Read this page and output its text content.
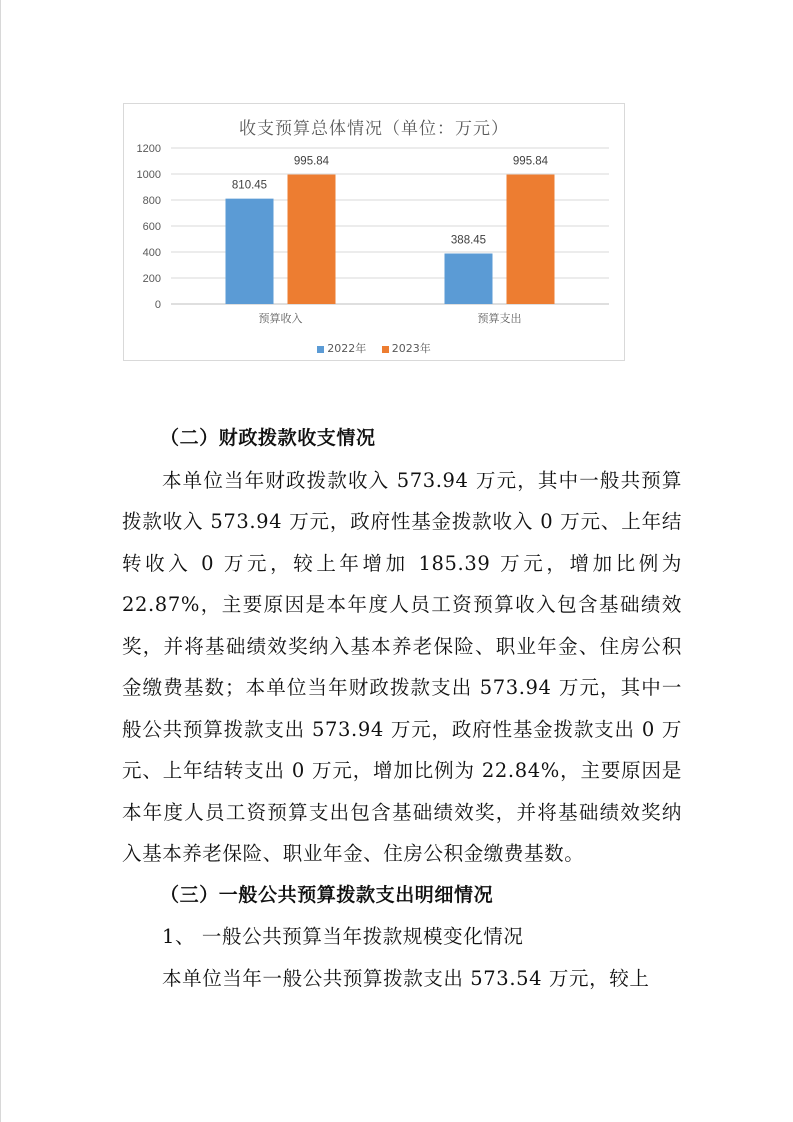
收支预算总体情况（单位：万元）
0
200
400
600
800
1000
1200
810.45
995.84
预算收入
388.45
995.84
预算支出
2022年 2023年
（二）财政拨款收支情况

本单位当年财政拨款收入 573.94 万元，其中一般共预算拨款收入 573.94 万元，政府性基金拨款收入 0 万元、上年结转收入 0 万元，较上年增加 185.39 万元，增加比例为 22.87%，主要原因是本年度人员工资预算收入包含基础绩效奖，并将基础绩效奖纳入基本养老保险、职业年金、住房公积金缴费基数；本单位当年财政拨款支出 573.94 万元，其中一般公共预算拨款支出 573.94 万元，政府性基金拨款支出 0 万元、上年结转支出 0 万元，增加比例为 22.84%，主要原因是本年度人员工资预算支出包含基础绩效奖，并将基础绩效奖纳入基本养老保险、职业年金、住房公积金缴费基数。

（三）一般公共预算拨款支出明细情况
1、 一般公共预算当年拨款规模变化情况

本单位当年一般公共预算拨款支出 573.54 万元，较上
